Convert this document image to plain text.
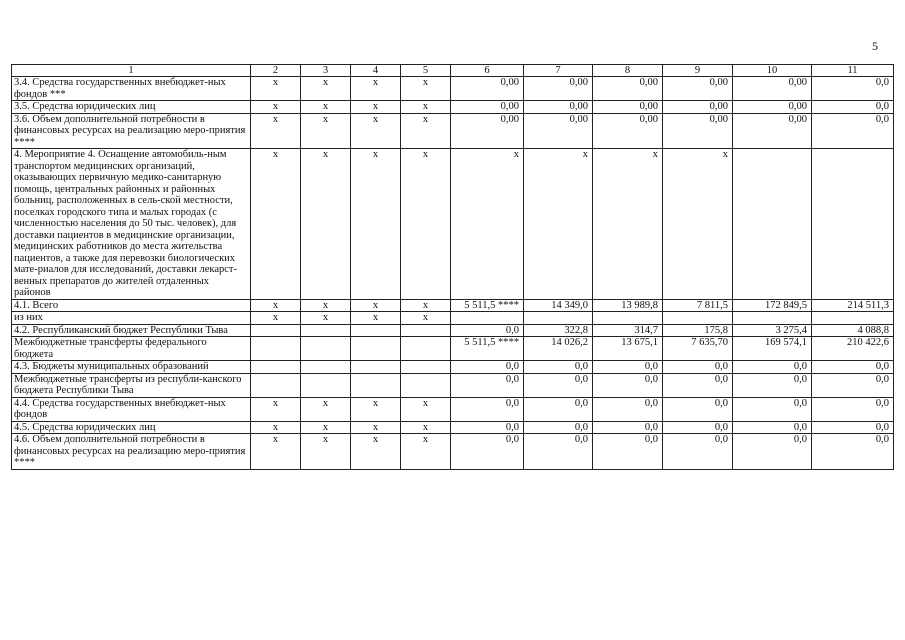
5
1	2	3	4	5	6	7	8	9	10	11
3.4. Средства государственных внебюджет-ных фондов ***	х	х	х	х	0,00	0,00	0,00	0,00	0,00	0,0
3.5. Средства юридических лиц	х	х	х	х	0,00	0,00	0,00	0,00	0,00	0,0
3.6. Объем дополнительной потребности в финансовых ресурсах на реализацию меро-приятия ****	х	х	х	х	0,00	0,00	0,00	0,00	0,00	0,0
4. Мероприятие 4. Оснащение автомобиль-ным транспортом медицинских организаций, оказывающих первичную медико-санитарную помощь, центральных районных и районных больниц, расположенных в сель-ской местности, поселках городского типа и малых городах (с численностью населения до 50 тыс. человек), для доставки пациентов в медицинские организации, медицинских работников до места жительства пациентов, а также для перевозки биологических мате-риалов для исследований, доставки лекарст-венных препаратов до жителей отдаленных районов	х	х	х	х	х	х	х	х		
4.1. Всего	х	х	х	х	5 511,5 ****	14 349,0	13 989,8	7 811,5	172 849,5	214 511,3
из них	х	х	х	х						
4.2. Республиканский бюджет Республики Тыва					0,0	322,8	314,7	175,8	3 275,4	4 088,8
Межбюджетные трансферты федерального бюджета					5 511,5 ****	14 026,2	13 675,1	7 635,70	169 574,1	210 422,6
4.3. Бюджеты муниципальных образований					0,0	0,0	0,0	0,0	0,0	0,0
Межбюджетные трансферты из республи-канского бюджета Республики Тыва					0,0	0,0	0,0	0,0	0,0	0,0
4.4. Средства государственных внебюджет-ных фондов	х	х	х	х	0,0	0,0	0,0	0,0	0,0	0,0
4.5. Средства юридических лиц	х	х	х	х	0,0	0,0	0,0	0,0	0,0	0,0
4.6. Объем дополнительной потребности в финансовых ресурсах на реализацию меро-приятия ****	х	х	х	х	0,0	0,0	0,0	0,0	0,0	0,0
